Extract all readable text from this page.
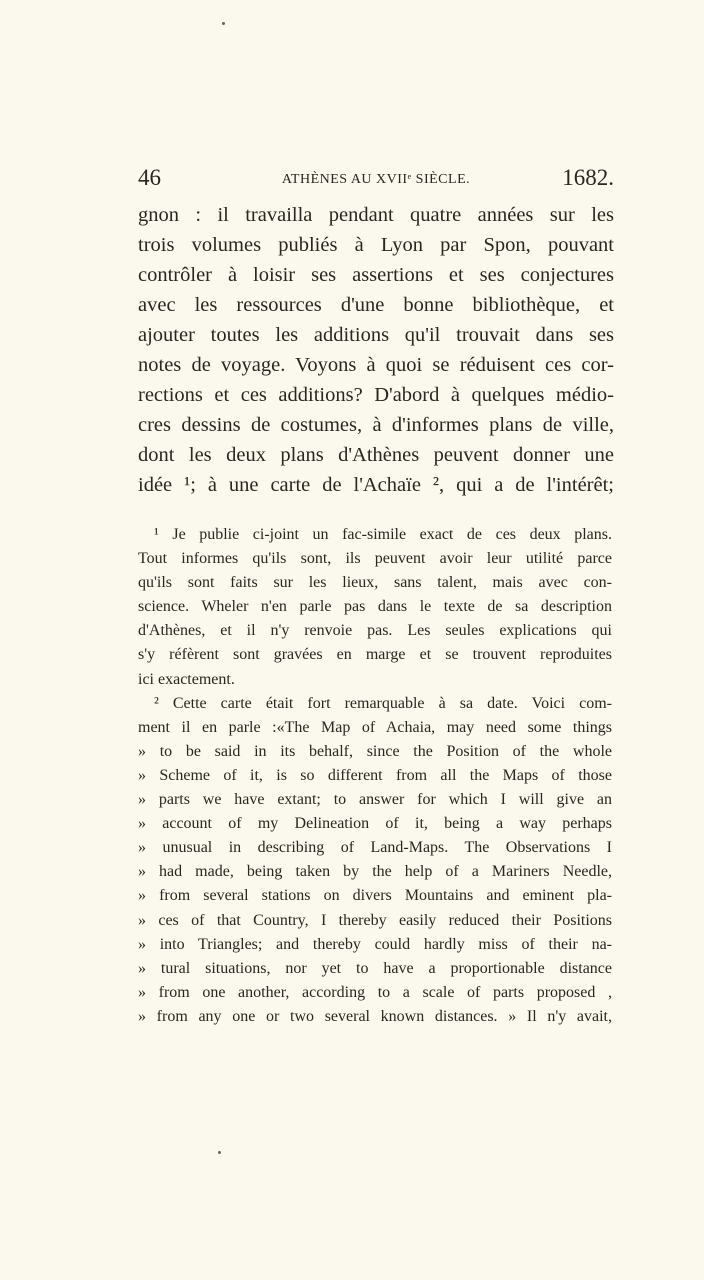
46	ATHÈNES AU XVIIᵉ SIÈCLE.	1682.
gnon : il travailla pendant quatre années sur les
trois volumes publiés à Lyon par Spon, pouvant
contrôler à loisir ses assertions et ses conjectures
avec les ressources d'une bonne bibliothèque, et
ajouter toutes les additions qu'il trouvait dans ses
notes de voyage. Voyons à quoi se réduisent ces cor-
rections et ces additions? D'abord à quelques médio-
cres dessins de costumes, à d'informes plans de ville,
dont les deux plans d'Athènes peuvent donner une
idée ¹; à une carte de l'Achaïe ², qui a de l'intérêt;
¹ Je publie ci-joint un fac-simile exact de ces deux plans.
Tout informes qu'ils sont, ils peuvent avoir leur utilité parce
qu'ils sont faits sur les lieux, sans talent, mais avec con-
science. Wheler n'en parle pas dans le texte de sa description
d'Athènes, et il n'y renvoie pas. Les seules explications qui
s'y réfèrent sont gravées en marge et se trouvent reproduites
ici exactement.
² Cette carte était fort remarquable à sa date. Voici com-
ment il en parle :«The Map of Achaia, may need some things
» to be said in its behalf, since the Position of the whole
» Scheme of it, is so different from all the Maps of those
» parts we have extant; to answer for which I will give an
» account of my Delineation of it, being a way perhaps
» unusual in describing of Land-Maps. The Observations I
» had made, being taken by the help of a Mariners Needle,
» from several stations on divers Mountains and eminent pla-
» ces of that Country, I thereby easily reduced their Positions
» into Triangles; and thereby could hardly miss of their na-
» tural situations, nor yet to have a proportionable distance
» from one another, according to a scale of parts proposed ,
» from any one or two several known distances. » Il n'y avait,
